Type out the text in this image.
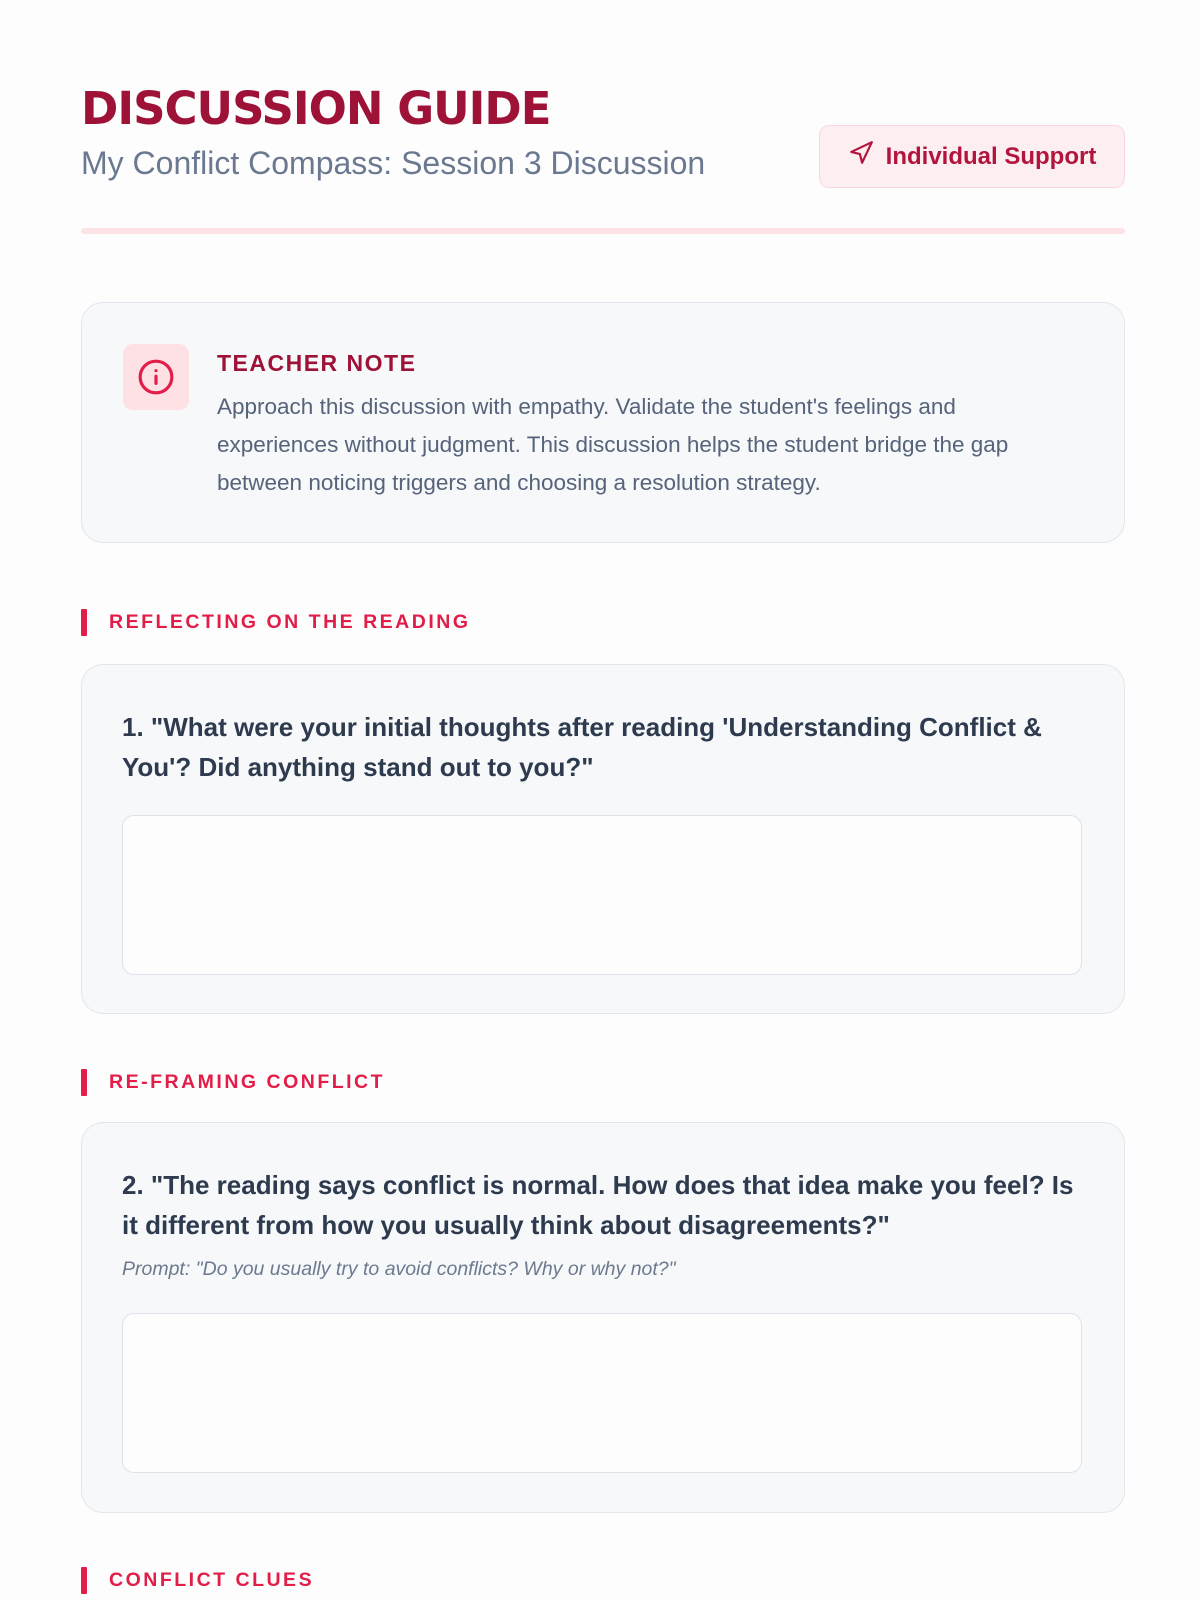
DISCUSSION GUIDE
My Conflict Compass: Session 3 Discussion	Individual Support
TEACHER NOTE
Approach this discussion with empathy. Validate the student's feelings and experiences without judgment. This discussion helps the student bridge the gap between noticing triggers and choosing a resolution strategy.
REFLECTING ON THE READING
1. "What were your initial thoughts after reading 'Understanding Conflict & You'? Did anything stand out to you?"
RE-FRAMING CONFLICT
2. "The reading says conflict is normal. How does that idea make you feel? Is it different from how you usually think about disagreements?"
Prompt: "Do you usually try to avoid conflicts? Why or why not?"
CONFLICT CLUES
